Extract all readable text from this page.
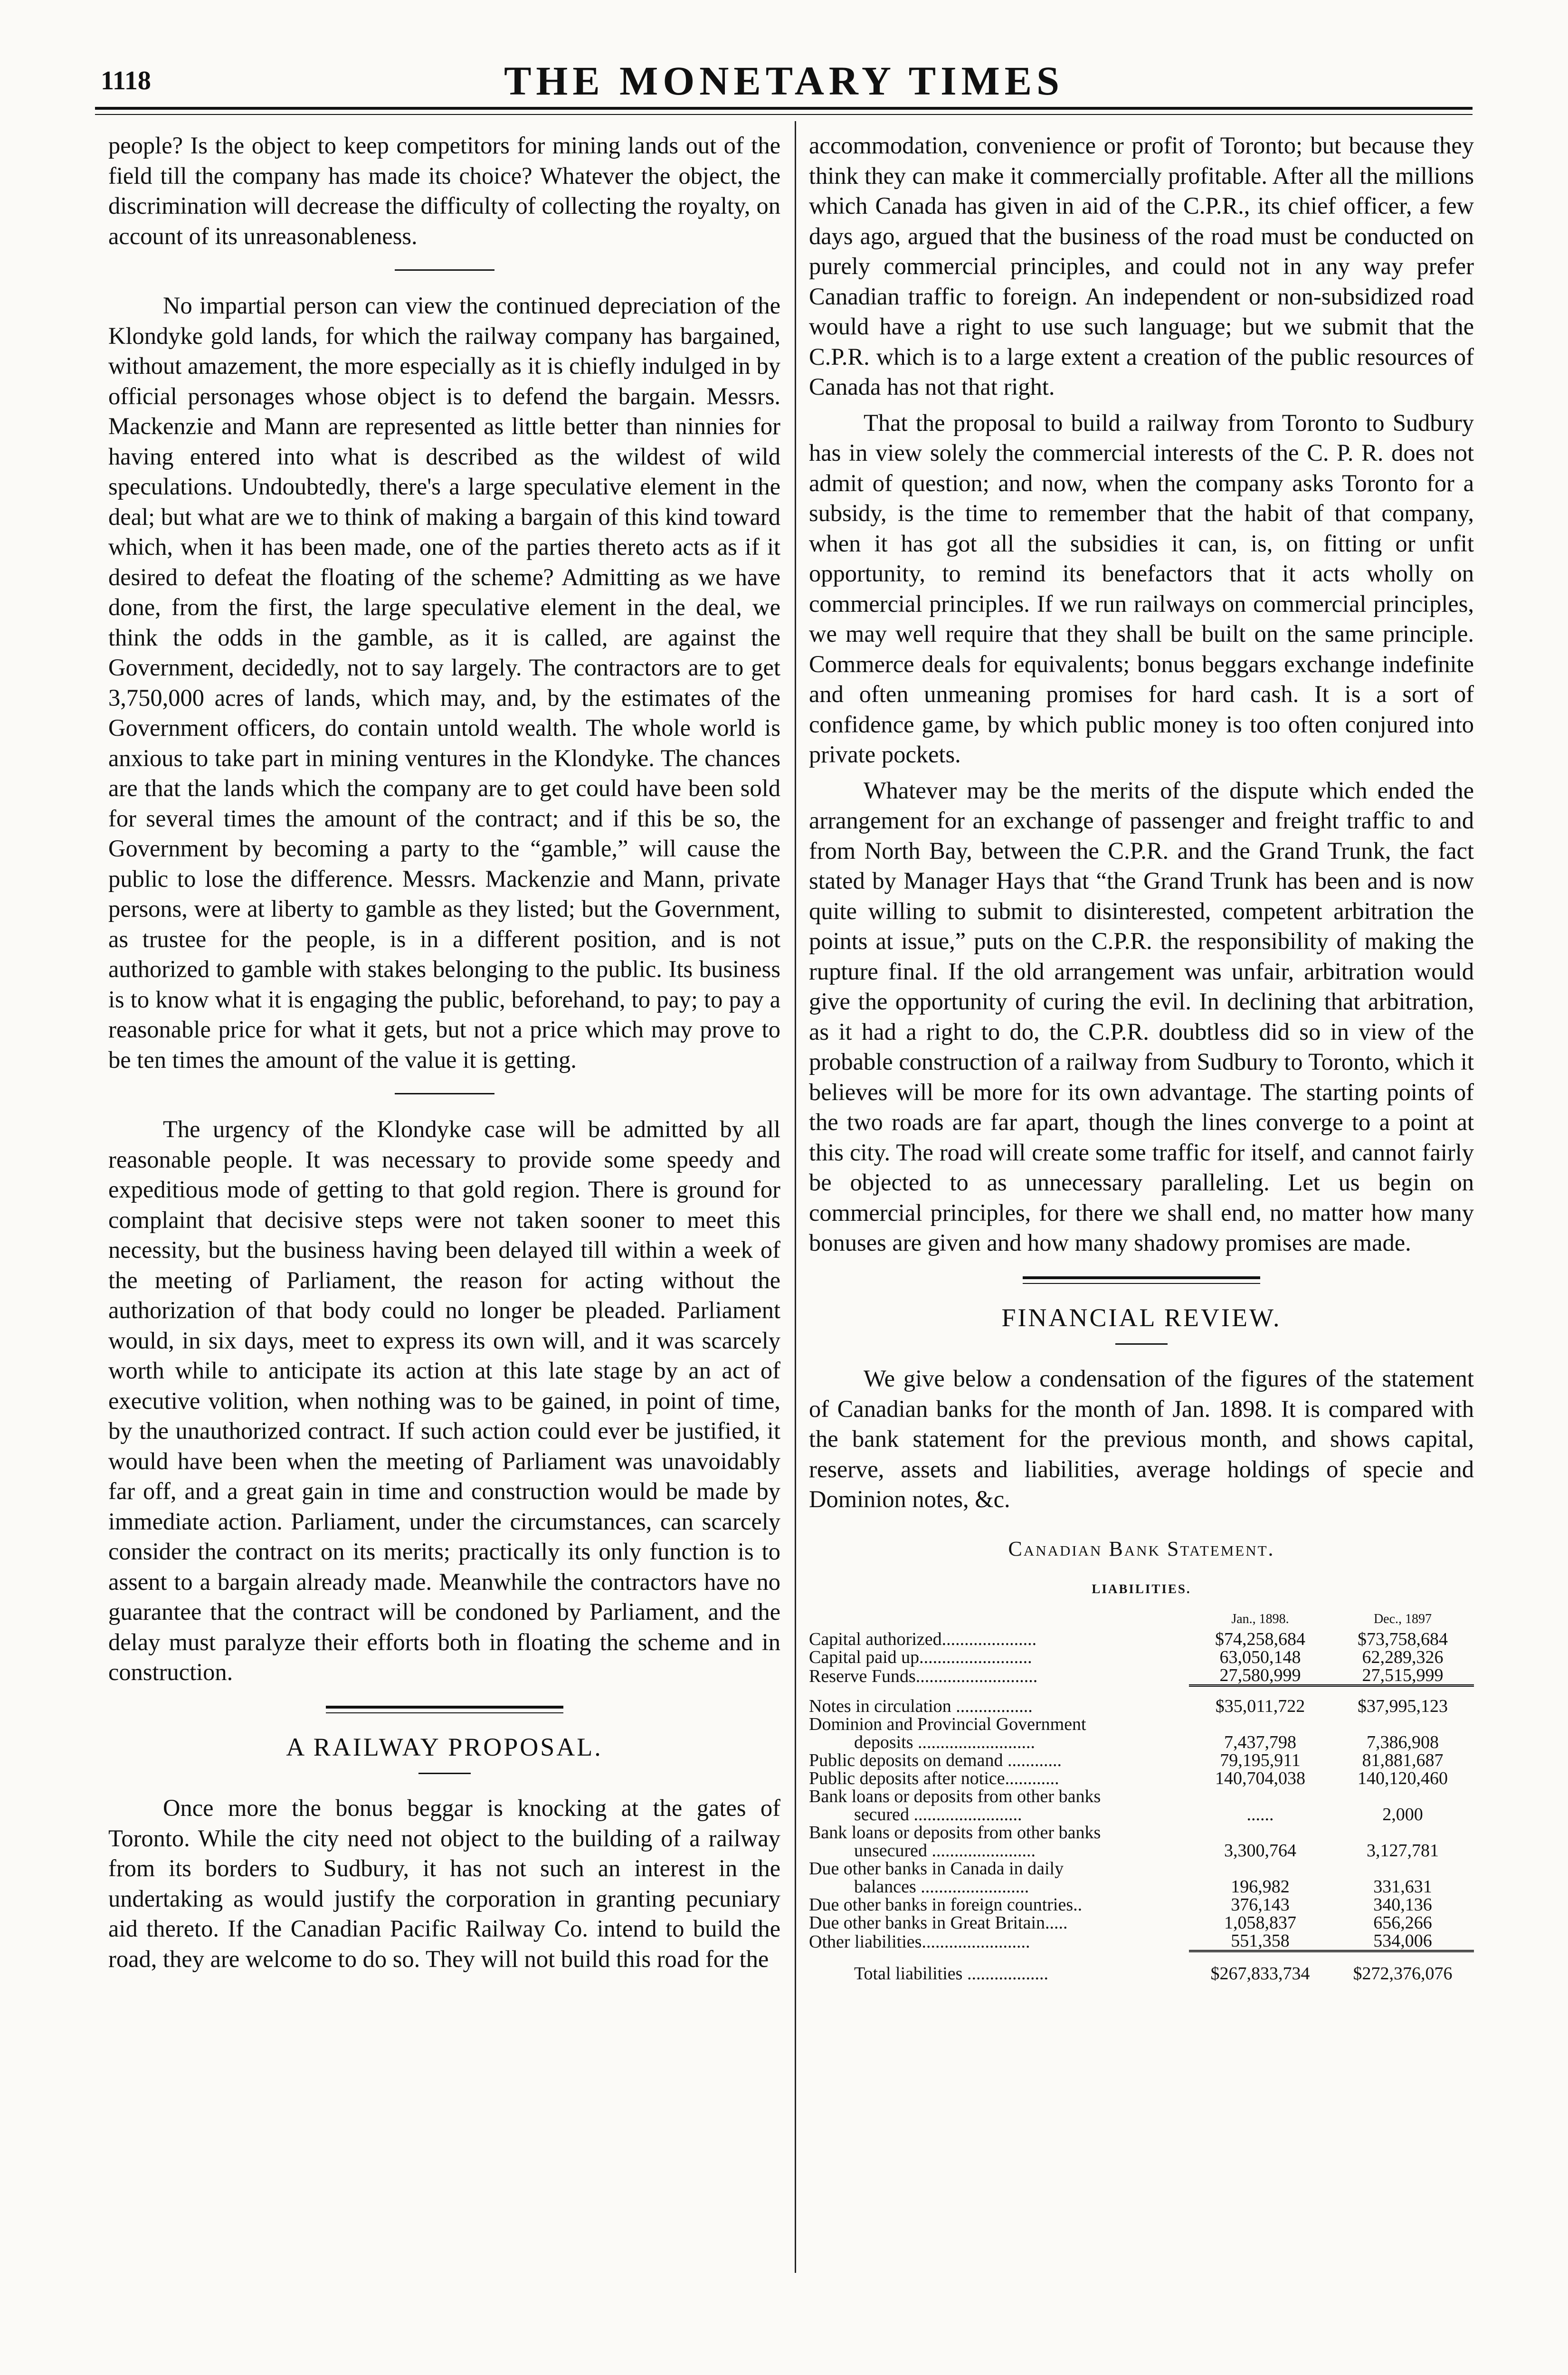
1118	THE MONETARY TIMES

people? Is the object to keep competitors for mining lands out of the field till the company has made its choice? Whatever the object, the discrimination will decrease the difficulty of collecting the royalty, on account of its unreasonableness.

No impartial person can view the continued depreciation of the Klondyke gold lands, for which the railway company has bargained, without amazement, the more especially as it is chiefly indulged in by official personages whose object is to defend the bargain. Messrs. Mackenzie and Mann are represented as little better than ninnies for having entered into what is described as the wildest of wild speculations. Undoubtedly, there's a large speculative element in the deal; but what are we to think of making a bargain of this kind toward which, when it has been made, one of the parties thereto acts as if it desired to defeat the floating of the scheme? Admitting as we have done, from the first, the large speculative element in the deal, we think the odds in the gamble, as it is called, are against the Government, decidedly, not to say largely. The contractors are to get 3,750,000 acres of lands, which may, and, by the estimates of the Government officers, do contain untold wealth. The whole world is anxious to take part in mining ventures in the Klondyke. The chances are that the lands which the company are to get could have been sold for several times the amount of the contract; and if this be so, the Government by becoming a party to the “gamble,” will cause the public to lose the difference. Messrs. Mackenzie and Mann, private persons, were at liberty to gamble as they listed; but the Government, as trustee for the people, is in a different position, and is not authorized to gamble with stakes belonging to the public. Its business is to know what it is engaging the public, beforehand, to pay; to pay a reasonable price for what it gets, but not a price which may prove to be ten times the amount of the value it is getting.

The urgency of the Klondyke case will be admitted by all reasonable people. It was necessary to provide some speedy and expeditious mode of getting to that gold region. There is ground for complaint that decisive steps were not taken sooner to meet this necessity, but the business having been delayed till within a week of the meeting of Parliament, the reason for acting without the authorization of that body could no longer be pleaded. Parliament would, in six days, meet to express its own will, and it was scarcely worth while to anticipate its action at this late stage by an act of executive volition, when nothing was to be gained, in point of time, by the unauthorized contract. If such action could ever be justified, it would have been when the meeting of Parliament was unavoidably far off, and a great gain in time and construction would be made by immediate action. Parliament, under the circumstances, can scarcely consider the contract on its merits; practically its only function is to assent to a bargain already made. Meanwhile the contractors have no guarantee that the contract will be condoned by Parliament, and the delay must paralyze their efforts both in floating the scheme and in construction.

A RAILWAY PROPOSAL.

Once more the bonus beggar is knocking at the gates of Toronto. While the city need not object to the building of a railway from its borders to Sudbury, it has not such an interest in the undertaking as would justify the corporation in granting pecuniary aid thereto. If the Canadian Pacific Railway Co. intend to build the road, they are welcome to do so. They will not build this road for the

accommodation, convenience or profit of Toronto; but because they think they can make it commercially profitable. After all the millions which Canada has given in aid of the C.P.R., its chief officer, a few days ago, argued that the business of the road must be conducted on purely commercial principles, and could not in any way prefer Canadian traffic to foreign. An independent or non-subsidized road would have a right to use such language; but we submit that the C.P.R. which is to a large extent a creation of the public resources of Canada has not that right.

That the proposal to build a railway from Toronto to Sudbury has in view solely the commercial interests of the C. P. R. does not admit of question; and now, when the company asks Toronto for a subsidy, is the time to remember that the habit of that company, when it has got all the subsidies it can, is, on fitting or unfit opportunity, to remind its benefactors that it acts wholly on commercial principles. If we run railways on commercial principles, we may well require that they shall be built on the same principle. Commerce deals for equivalents; bonus beggars exchange indefinite and often unmeaning promises for hard cash. It is a sort of confidence game, by which public money is too often conjured into private pockets.

Whatever may be the merits of the dispute which ended the arrangement for an exchange of passenger and freight traffic to and from North Bay, between the C.P.R. and the Grand Trunk, the fact stated by Manager Hays that “the Grand Trunk has been and is now quite willing to submit to disinterested, competent arbitration the points at issue,” puts on the C.P.R. the responsibility of making the rupture final. If the old arrangement was unfair, arbitration would give the opportunity of curing the evil. In declining that arbitration, as it had a right to do, the C.P.R. doubtless did so in view of the probable construction of a railway from Sudbury to Toronto, which it believes will be more for its own advantage. The starting points of the two roads are far apart, though the lines converge to a point at this city. The road will create some traffic for itself, and cannot fairly be objected to as unnecessary paralleling. Let us begin on commercial principles, for there we shall end, no matter how many bonuses are given and how many shadowy promises are made.

FINANCIAL REVIEW.

We give below a condensation of the figures of the statement of Canadian banks for the month of Jan. 1898. It is compared with the bank statement for the previous month, and shows capital, reserve, assets and liabilities, average holdings of specie and Dominion notes, &c.

Canadian Bank Statement.
LIABILITIES.
	Jan., 1898.	Dec., 1897
Capital authorized.....................	$74,258,684	$73,758,684
Capital paid up.........................	63,050,148	62,289,326
Reserve Funds...........................	27,580,999	27,515,999
Notes in circulation .................	$35,011,722	$37,995,123
Dominion and Provincial Government		
deposits ..........................	7,437,798	7,386,908
Public deposits on demand ............	79,195,911	81,881,687
Public deposits after notice............	140,704,038	140,120,460
Bank loans or deposits from other banks		
secured ........................	......	2,000
Bank loans or deposits from other banks		
unsecured .......................	3,300,764	3,127,781
Due other banks in Canada in daily		
balances ........................	196,982	331,631
Due other banks in foreign countries..	376,143	340,136
Due other banks in Great Britain.....	1,058,837	656,266
Other liabilities........................	551,358	534,006
Total liabilities ..................	$267,833,734	$272,376,076
